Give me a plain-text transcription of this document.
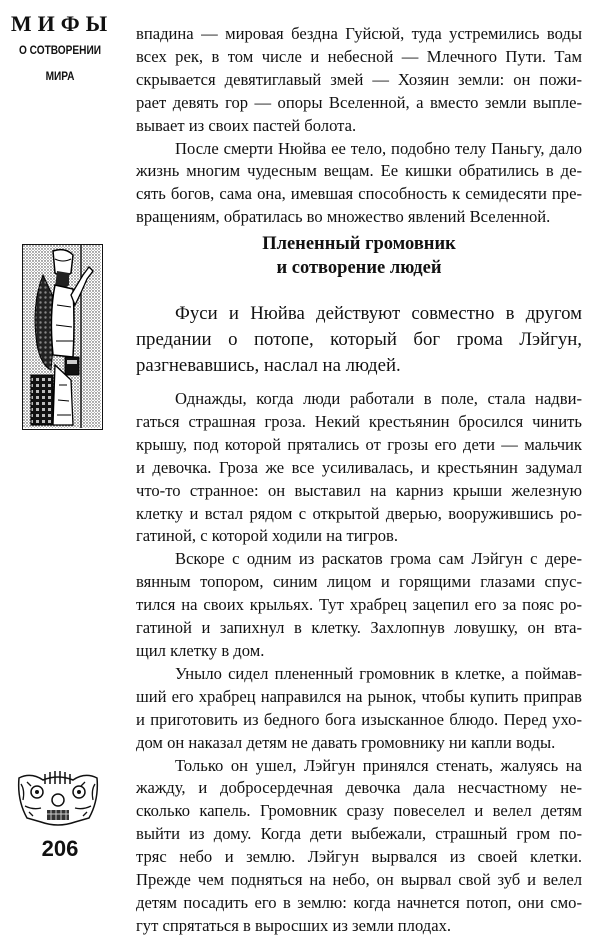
МИФЫ
О СОТВОРЕНИИ
МИРА
впадина — мировая бездна Гуйсюй, туда устремились воды
всех рек, в том числе и небесной — Млечного Пути. Там
скрывается девятиглавый змей — Хозяин земли: он пожи-
рает девять гор — опоры Вселенной, а вместо земли выпле-
вывает из своих пастей болота.
После смерти Нюйва ее тело, подобно телу Паньгу, дало
жизнь многим чудесным вещам. Ее кишки обратились в де-
сять богов, сама она, имевшая способность к семидесяти пре-
вращениям, обратилась во множество явлений Вселенной.
Плененный громовник
и сотворение людей
Фуси и Нюйва действуют совместно в другом
предании о потопе, который бог грома Лэйгун,
разгневавшись, наслал на людей.
Однажды, когда люди работали в поле, стала надви-
гаться страшная гроза. Некий крестьянин бросился чинить
крышу, под которой прятались от грозы его дети — мальчик
и девочка. Гроза же все усиливалась, и крестьянин задумал
что-то странное: он выставил на карниз крыши железную
клетку и встал рядом с открытой дверью, вооружившись ро-
гатиной, с которой ходили на тигров.
Вскоре с одним из раскатов грома сам Лэйгун с дере-
вянным топором, синим лицом и горящими глазами спус-
тился на своих крыльях. Тут храбрец зацепил его за пояс ро-
гатиной и запихнул в клетку. Захлопнув ловушку, он вта-
щил клетку в дом.
Уныло сидел плененный громовник в клетке, а поймав-
ший его храбрец направился на рынок, чтобы купить приправ
и приготовить из бедного бога изысканное блюдо. Перед ухо-
дом он наказал детям не давать громовнику ни капли воды.
Только он ушел, Лэйгун принялся стенать, жалуясь на
жажду, и добросердечная девочка дала несчастному не-
сколько капель. Громовник сразу повеселел и велел детям
выйти из дому. Когда дети выбежали, страшный гром по-
тряс небо и землю. Лэйгун вырвался из своей клетки.
Прежде чем подняться на небо, он вырвал свой зуб и велел
детям посадить его в землю: когда начнется потоп, они смо-
гут спрятаться в выросших из земли плодах.
206
